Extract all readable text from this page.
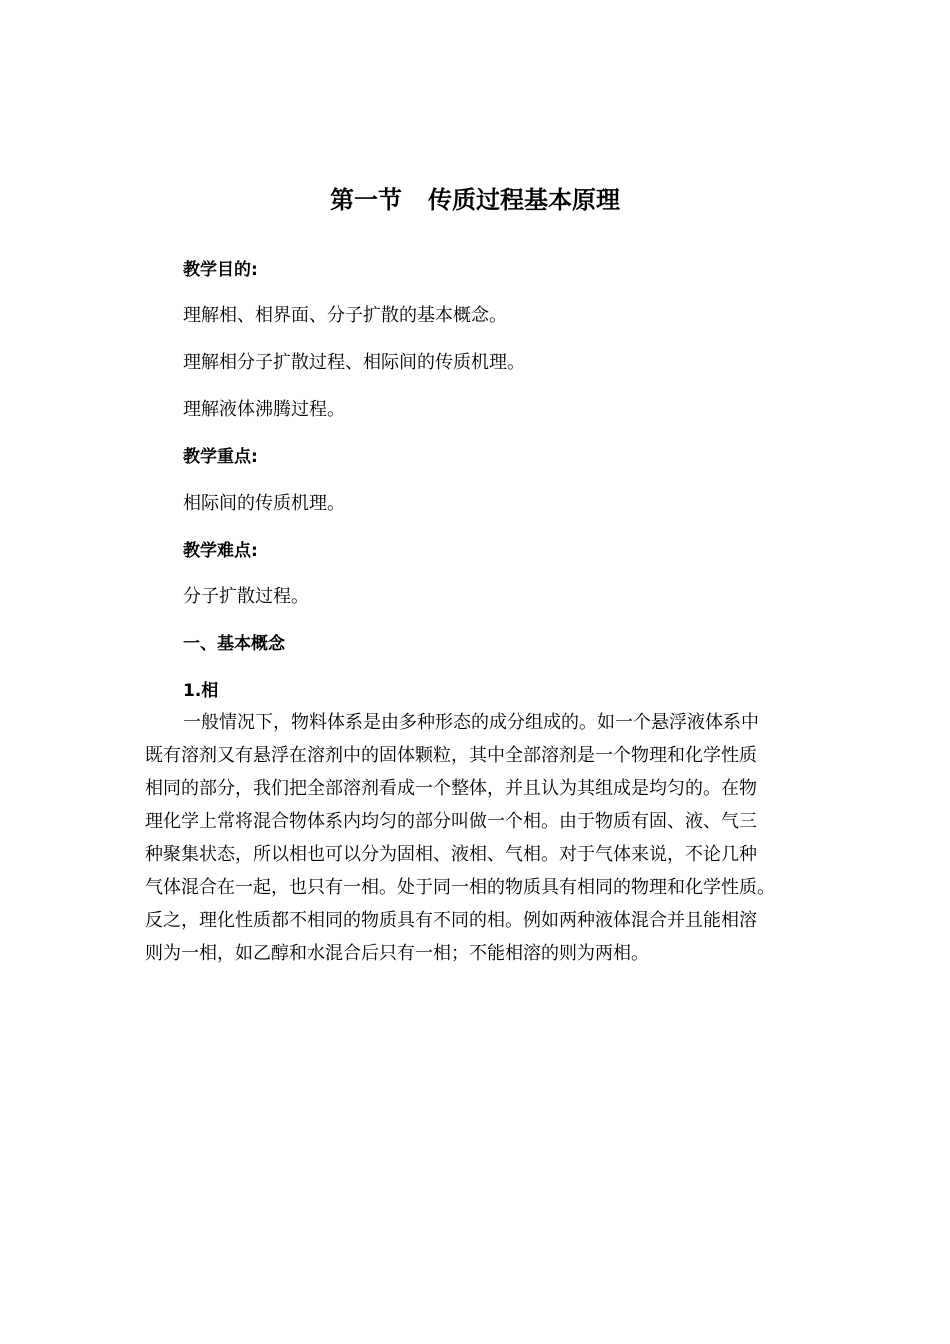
第一节 传质过程基本原理
教学目的:
理解相、相界面、分子扩散的基本概念。
理解相分子扩散过程、相际间的传质机理。
理解液体沸腾过程。
教学重点:
相际间的传质机理。
教学难点:
分子扩散过程。
一、基本概念
1.相
一般情况下，物料体系是由多种形态的成分组成的。如一个悬浮液体系中
既有溶剂又有悬浮在溶剂中的固体颗粒，其中全部溶剂是一个物理和化学性质
相同的部分，我们把全部溶剂看成一个整体，并且认为其组成是均匀的。在物
理化学上常将混合物体系内均匀的部分叫做一个相。由于物质有固、液、气三
种聚集状态，所以相也可以分为固相、液相、气相。对于气体来说，不论几种
气体混合在一起，也只有一相。处于同一相的物质具有相同的物理和化学性质。
反之，理化性质都不相同的物质具有不同的相。例如两种液体混合并且能相溶
则为一相，如乙醇和水混合后只有一相；不能相溶的则为两相。
